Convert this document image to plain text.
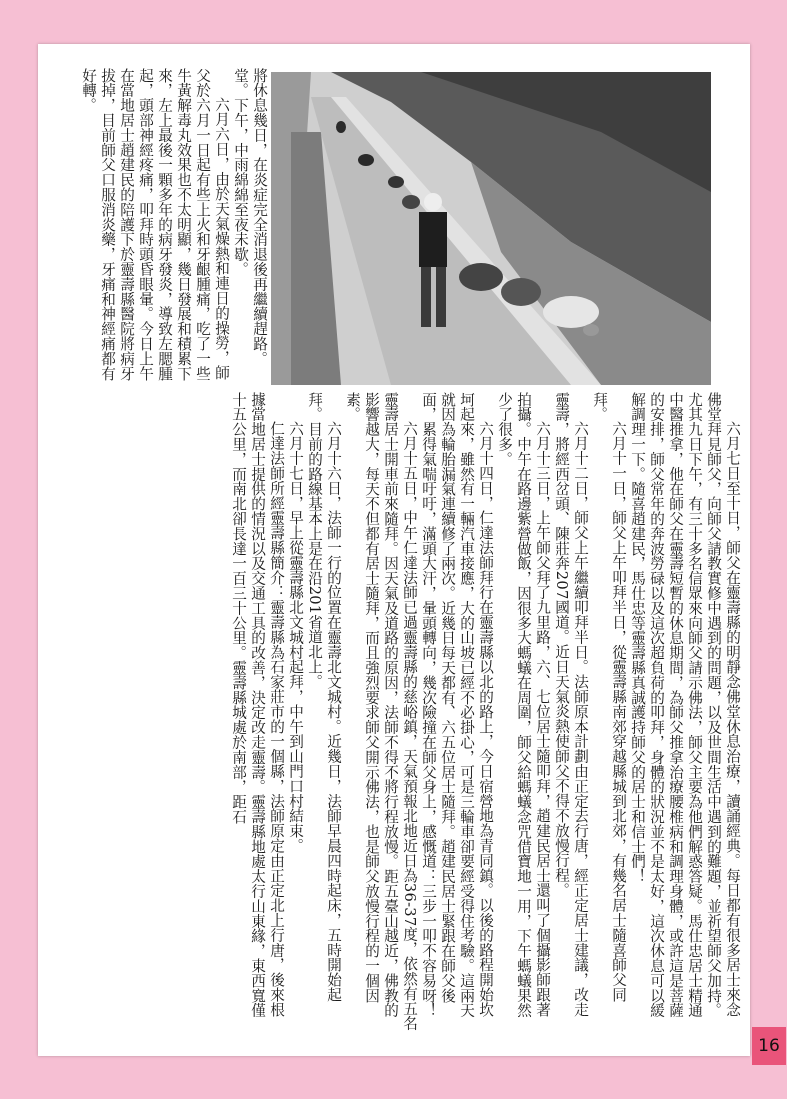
將休息幾日，在炎症完全消退後再繼續趕路。

堂。下午，中雨綿綿至夜未歇。

六月六日，由於天氣燥熱和連日的操勞，師父於六月一日起有些上火和牙齦腫痛，吃了一些牛黃解毒丸效果也不太明顯，幾日發展和積累下來，左上最後一顆多年的病牙發炎，導致左腮腫起，頭部神經疼痛，叩拜時頭昏眼暈。今日上午在當地居士趙建民的陪護下於靈壽縣醫院將病牙拔掉，目前師父口服消炎藥，牙痛和神經痛都有好轉。

六月七日至十日，師父在靈壽縣的明靜念佛堂休息治療，讀誦經典。每日都有很多居士來念佛堂拜見師父，向師父請教實修中遇到的問題，以及世間生活中遇到的難題，並祈望師父加持。尤其九日下午，有三十多名信眾來向師父請示佛法，師父主要為他們解惑答疑。馬仕忠居士精通中醫推拿，他在師父在靈壽短暫的休息期間，為師父推拿治療腰椎病和調理身體，或許這是菩薩的安排，師父常年的奔波勞碌以及這次超負荷的叩拜，身體的狀況並不是太好，這次休息可以緩解調理一下。隨喜趙建民，馬仕忠等靈壽縣真誠護持師父的居士和信士們！

六月十一日，師父上午叩拜半日，從靈壽縣南郊穿越縣城到北郊，有幾名居士隨喜師父同拜。

六月十二日，師父上午繼續叩拜半日。法師原本計劃由正定去行唐，經正定居士建議，改走靈壽，將經西岔頭、陳莊奔207國道。近日天氣炎熱使師父不得不放慢行程。

六月十三日，上午師父拜了九里路，六、七位居士隨叩拜，趙建民居士還叫了個攝影師跟著拍攝。中午在路邊紫營做飯，因很多大螞蟻在周圍，師父給螞蟻念咒借寶地一用，下午螞蟻果然少了很多。

六月十四日，仁達法師拜行在靈壽縣以北的路上，今日宿營地為青同鎮。以後的路程開始坎坷起來，雖然有一輛汽車接應，大的山坡已經不必掛心，可是三輪車卻要經受得住考驗。這兩天就因為輪胎漏氣連續修了兩次。近幾日每天都有、六五位居士隨拜。趙建民居士緊跟在師父後面，累得氣喘吁吁，滿頭大汗，暈頭轉向，幾次險撞在師父身上，感慨道：三步一叩不容易呀！

六月十五日，中午仁達法師已過靈壽縣的慈峪鎮，天氣預報北地近日為36-37度，依然有五名靈壽居士開車前來隨拜。因天氣及道路的原因，法師不得不將行程放慢。距五臺山越近，佛教的影響越大，每天不但都有居士隨拜，而且強烈要求師父開示佛法，也是師父放慢行程的一個因素。

六月十六日，法師一行的位置在靈壽北文城村。近幾日，法師早晨四時起床，五時開始起拜。目前的路線基本上是在沿201省道北上。

六月十七日，早上從靈壽縣北文城村起拜，中午到山門口村結束。

仁達法師所經靈壽縣簡介：靈壽縣為石家莊市的一個縣，法師原定由正定北上行唐，後來根據當地居士提供的情況以及交通工具的改善，決定改走靈壽。靈壽縣地處太行山東緣，東西寬僅十五公里，而南北卻長達一百三十公里。靈壽縣城處於南部，距石

16
